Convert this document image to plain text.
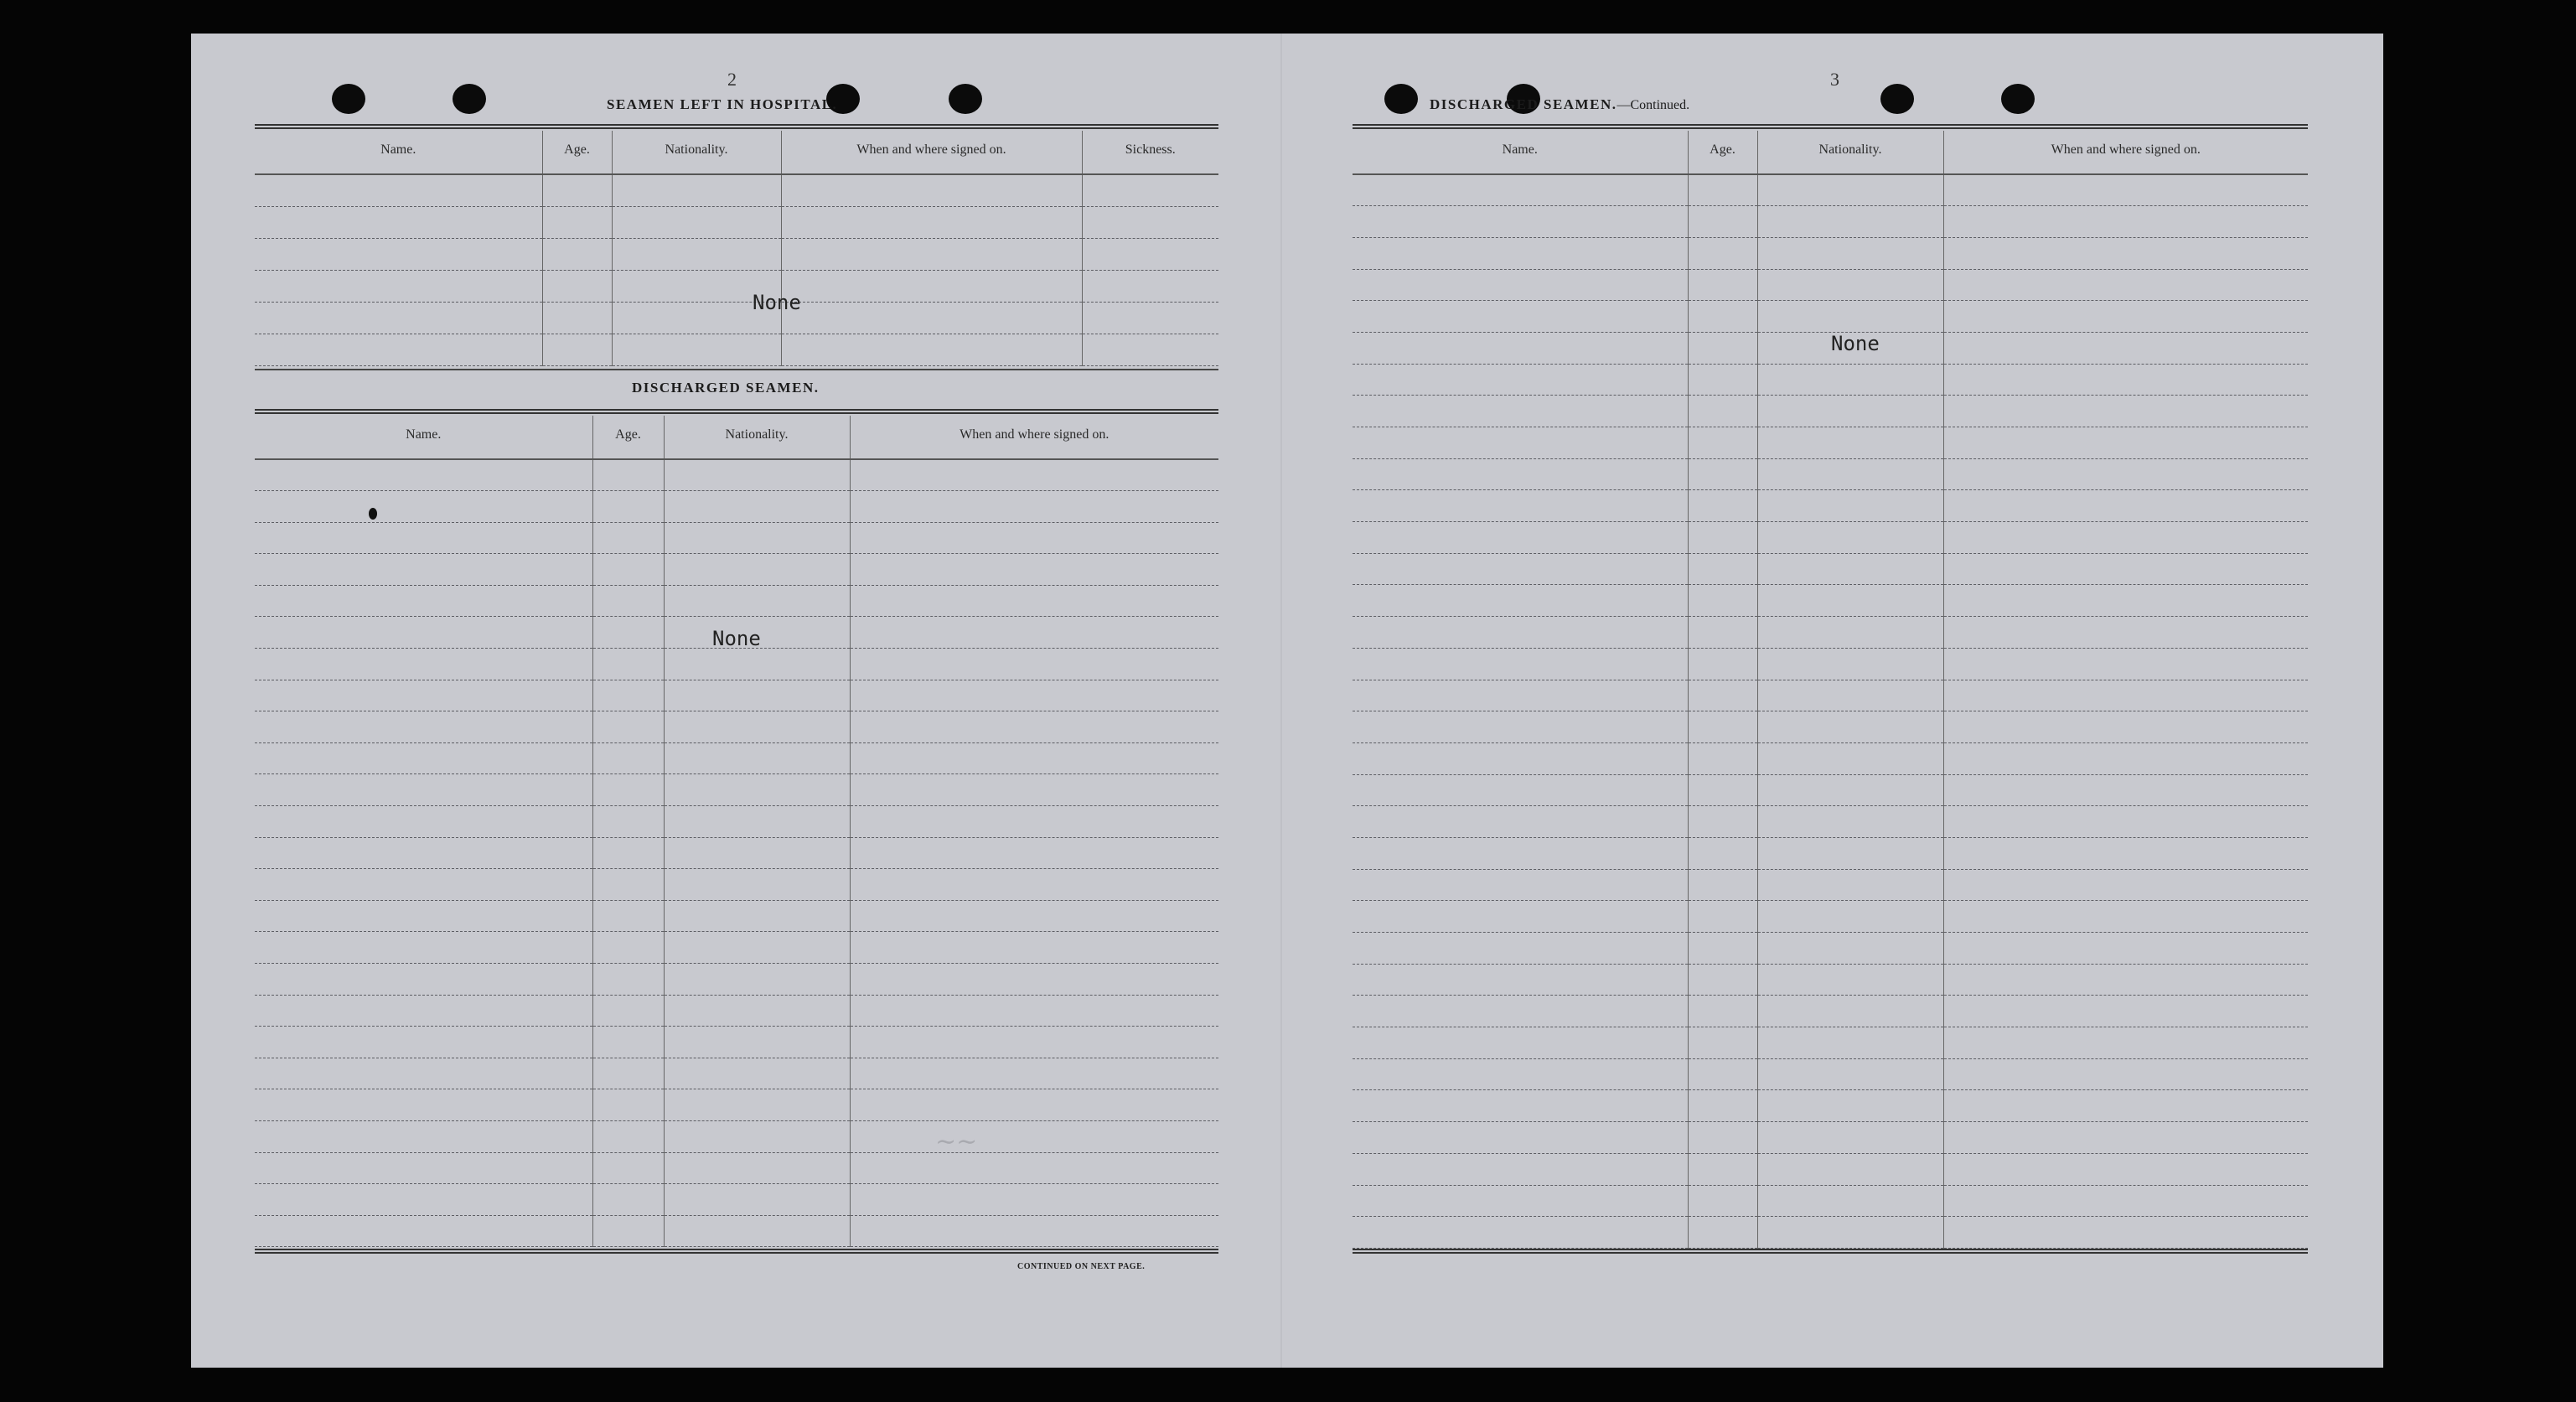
2
SEAMEN LEFT IN HOSPITAL.
Name.	Age.	Nationality.	When and where signed on.	Sickness.

None
DISCHARGED SEAMEN.
Name.	Age.	Nationality.	When and where signed on.

None
∼∼
CONTINUED ON NEXT PAGE.
3
DISCHARGED SEAMEN.—Continued.
Name.	Age.	Nationality.	When and where signed on.

None
